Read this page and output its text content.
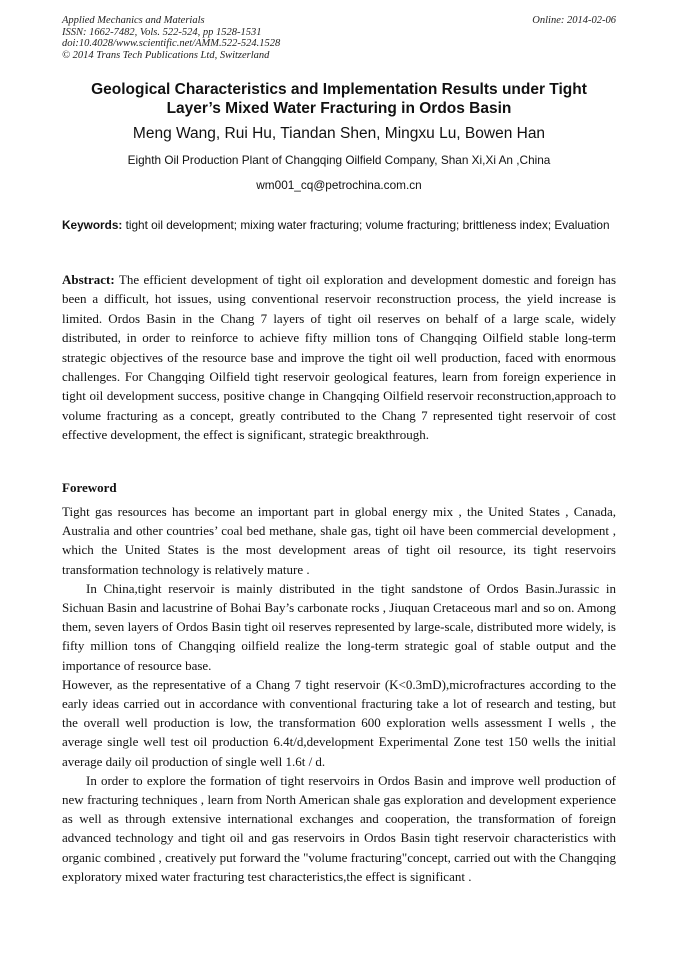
Applied Mechanics and Materials
ISSN: 1662-7482, Vols. 522-524, pp 1528-1531
doi:10.4028/www.scientific.net/AMM.522-524.1528
© 2014 Trans Tech Publications Ltd, Switzerland
Online: 2014-02-06
Geological Characteristics and Implementation Results under Tight Layer’s Mixed Water Fracturing in Ordos Basin
Meng Wang, Rui Hu, Tiandan Shen, Mingxu Lu, Bowen Han
Eighth Oil Production Plant of Changqing Oilfield Company, Shan Xi,Xi An ,China
wm001_cq@petrochina.com.cn
Keywords: tight oil development; mixing water fracturing; volume fracturing; brittleness index; Evaluation
Abstract: The efficient development of tight oil exploration and development domestic and foreign has been a difficult, hot issues, using conventional reservoir reconstruction process, the yield increase is limited. Ordos Basin in the Chang 7 layers of tight oil reserves on behalf of a large scale, widely distributed, in order to reinforce to achieve fifty million tons of Changqing Oilfield stable long-term strategic objectives of the resource base and improve the tight oil well production, faced with enormous challenges. For Changqing Oilfield tight reservoir geological features, learn from foreign experience in tight oil development success, positive change in Changqing Oilfield reservoir reconstruction,approach to volume fracturing as a concept, greatly contributed to the Chang 7 represented tight reservoir of cost effective development, the effect is significant, strategic breakthrough.
Foreword

Tight gas resources has become an important part in global energy mix , the United States , Canada, Australia and other countries’ coal bed methane, shale gas, tight oil have been commercial development , which the United States is the most development areas of tight oil resource, its tight reservoirs transformation technology is relatively mature .

In China,tight reservoir is mainly distributed in the tight sandstone of Ordos Basin.Jurassic in Sichuan Basin and lacustrine of Bohai Bay’s carbonate rocks , Jiuquan Cretaceous marl and so on. Among them, seven layers of Ordos Basin tight oil reserves represented by large-scale, distributed more widely, is fifty million tons of Changqing oilfield realize the long-term strategic goal of stable output and the importance of resource base.

However, as the representative of a Chang 7 tight reservoir (K<0.3mD),microfractures according to the early ideas carried out in accordance with conventional fracturing take a lot of research and testing, but the overall well production is low, the transformation 600 exploration wells assessment I wells , the average single well test oil production 6.4t/d,development Experimental Zone test 150 wells the initial average daily oil production of single well 1.6t / d.

In order to explore the formation of tight reservoirs in Ordos Basin and improve well production of new fracturing techniques , learn from North American shale gas exploration and development experience as well as through extensive international exchanges and cooperation, the transformation of foreign advanced technology and tight oil and gas reservoirs in Ordos Basin tight reservoir characteristics with organic combined , creatively put forward the "volume fracturing"concept, carried out with the Changqing exploratory mixed water fracturing test characteristics,the effect is significant .
